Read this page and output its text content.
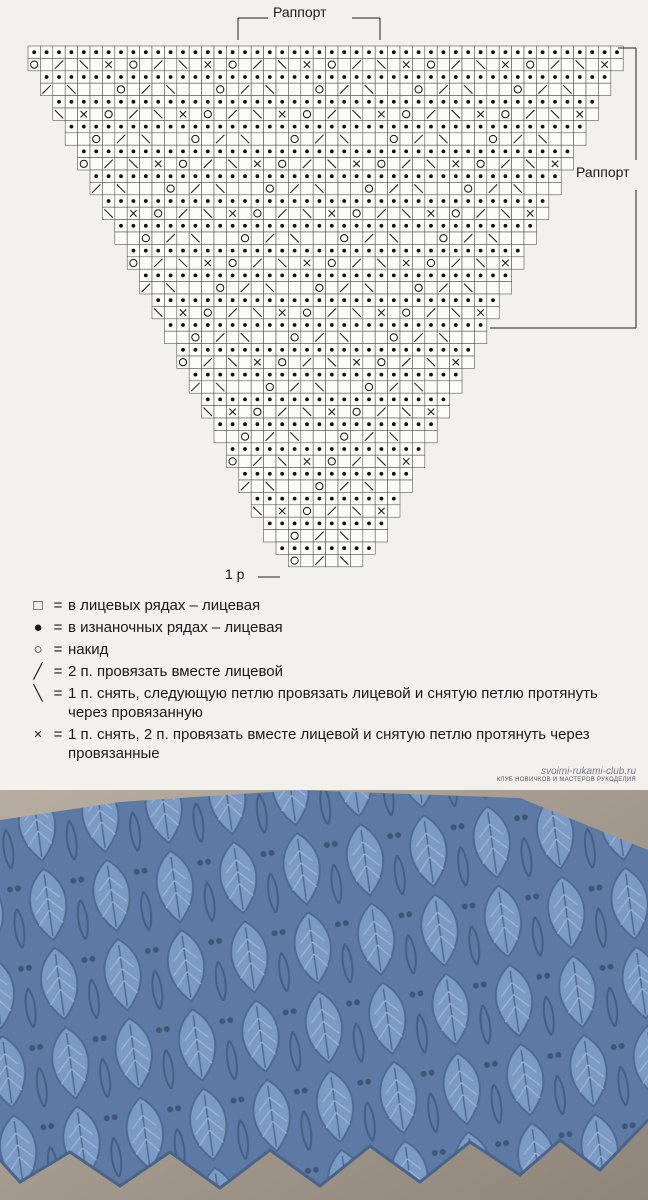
Раппорт
Раппорт
1 р
□ = в лицевых рядах – лицевая
● = в изнаночных рядах – лицевая
○ = накид
╱ = 2 п. провязать вместе лицевой
╲ = 1 п. снять, следующую петлю провязать лицевой и снятую петлю протянуть через провязанную
× = 1 п. снять, 2 п. провязать вместе лицевой и снятую петлю протянуть через провязанные
svoimi-rukami-club.ru
КЛУБ НОВИЧКОВ И МАСТЕРОВ РУКОДЕЛИЯ
